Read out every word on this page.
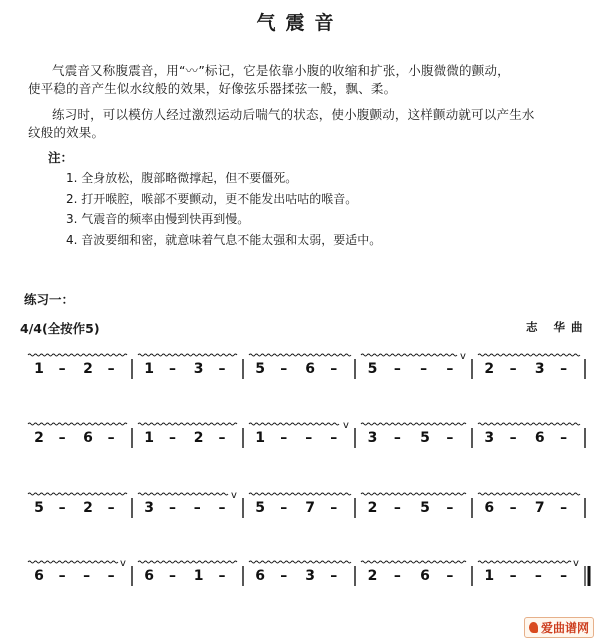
气震音
气震音又称腹震音，用“〰”标记，它是依靠小腹的收缩和扩张，小腹微微的颤动，
使平稳的音产生似水纹般的效果，好像弦乐器揉弦一般，飘、柔。
练习时，可以模仿人经过激烈运动后喘气的状态，使小腹颤动，这样颤动就可以产生水
纹般的效果。
注：
1. 全身放松，腹部略微撑起，但不要僵死。
2. 打开喉腔，喉部不要颤动，更不能发出咕咕的喉音。
3. 气震音的频率由慢到快再到慢。
4. 音波要细和密，就意味着气息不能太强和太弱，要适中。
练习一：
4/4(全按作5)	志 华曲
1 – 2 – 1 – 3 – 5 – 6 – 5 – – –
v
2 – 3 –
2 – 6 – 1 – 2 – 1 – – –
v
3 – 5 – 3 – 6 –
5 – 2 – 3 – – –
v
5 – 7 – 2 – 5 – 6 – 7 –
6 – – –
v
6 – 1 – 6 – 3 – 2 – 6 – 1 – – –
v
爱曲谱网
